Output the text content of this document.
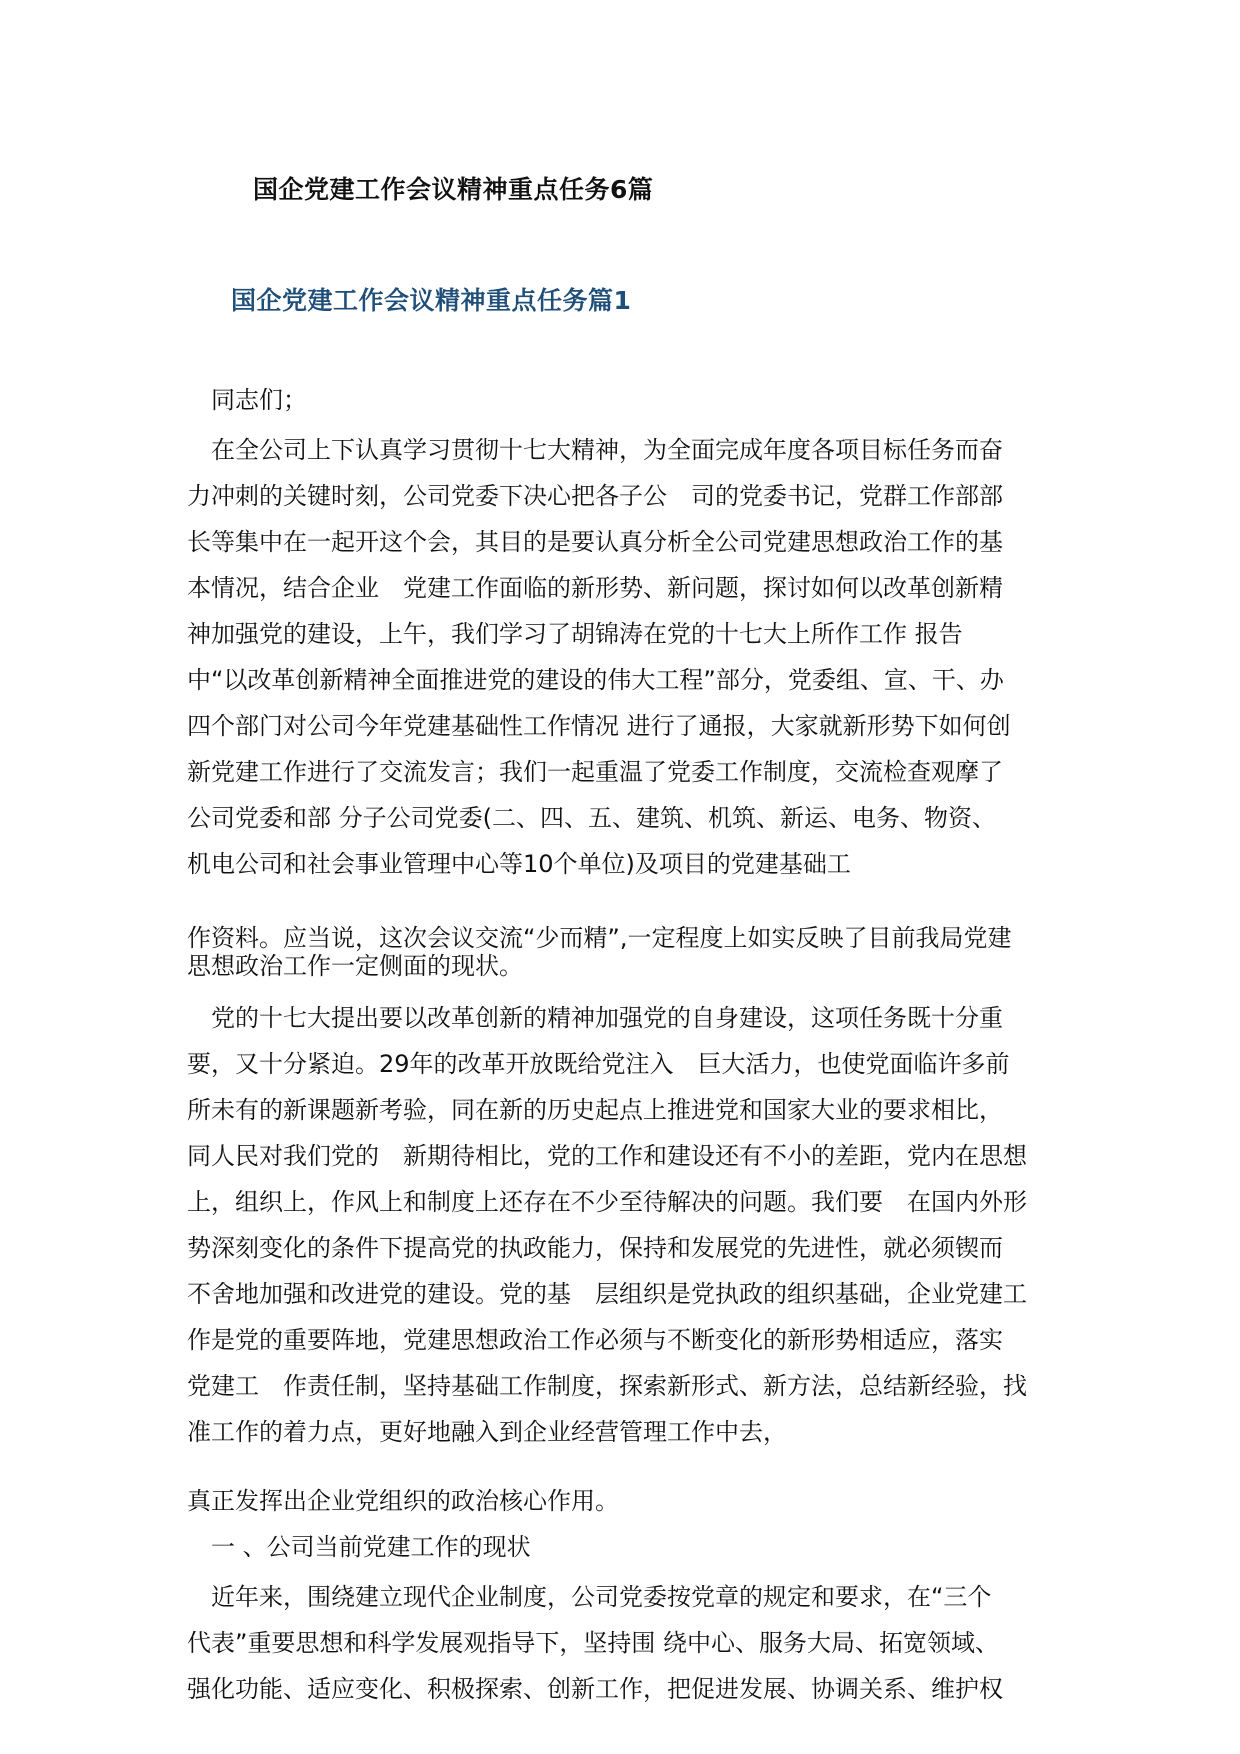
国企党建工作会议精神重点任务6篇
国企党建工作会议精神重点任务篇1
　同志们；
　在全公司上下认真学习贯彻十七大精神，为全面完成年度各项目标任务而奋
力冲刺的关键时刻，公司党委下决心把各子公　司的党委书记，党群工作部部
长等集中在一起开这个会，其目的是要认真分析全公司党建思想政治工作的基
本情况，结合企业　党建工作面临的新形势、新问题，探讨如何以改革创新精
神加强党的建设，上午，我们学习了胡锦涛在党的十七大上所作工作 报告
中“以改革创新精神全面推进党的建设的伟大工程”部分，党委组、宣、干、办
四个部门对公司今年党建基础性工作情况 进行了通报，大家就新形势下如何创
新党建工作进行了交流发言；我们一起重温了党委工作制度，交流检查观摩了
公司党委和部 分子公司党委(二、四、五、建筑、机筑、新运、电务、物资、
机电公司和社会事业管理中心等10个单位)及项目的党建基础工
作资料。应当说，这次会议交流“少而精”,一定程度上如实反映了目前我局党建
思想政治工作一定侧面的现状。
　党的十七大提出要以改革创新的精神加强党的自身建设，这项任务既十分重
要，又十分紧迫。29年的改革开放既给党注入　巨大活力，也使党面临许多前
所未有的新课题新考验，同在新的历史起点上推进党和国家大业的要求相比，
同人民对我们党的　新期待相比，党的工作和建设还有不小的差距，党内在思想
上，组织上，作风上和制度上还存在不少至待解决的问题。我们要　在国内外形
势深刻变化的条件下提高党的执政能力，保持和发展党的先进性，就必须锲而
不舍地加强和改进党的建设。党的基　层组织是党执政的组织基础，企业党建工
作是党的重要阵地，党建思想政治工作必须与不断变化的新形势相适应，落实
党建工　作责任制，坚持基础工作制度，探索新形式、新方法，总结新经验，找
准工作的着力点，更好地融入到企业经营管理工作中去，
真正发挥出企业党组织的政治核心作用。
　一 、公司当前党建工作的现状
　近年来，围绕建立现代企业制度，公司党委按党章的规定和要求，在“三个
代表”重要思想和科学发展观指导下，坚持围 绕中心、服务大局、拓宽领域、
强化功能、适应变化、积极探索、创新工作，把促进发展、协调关系、维护权
